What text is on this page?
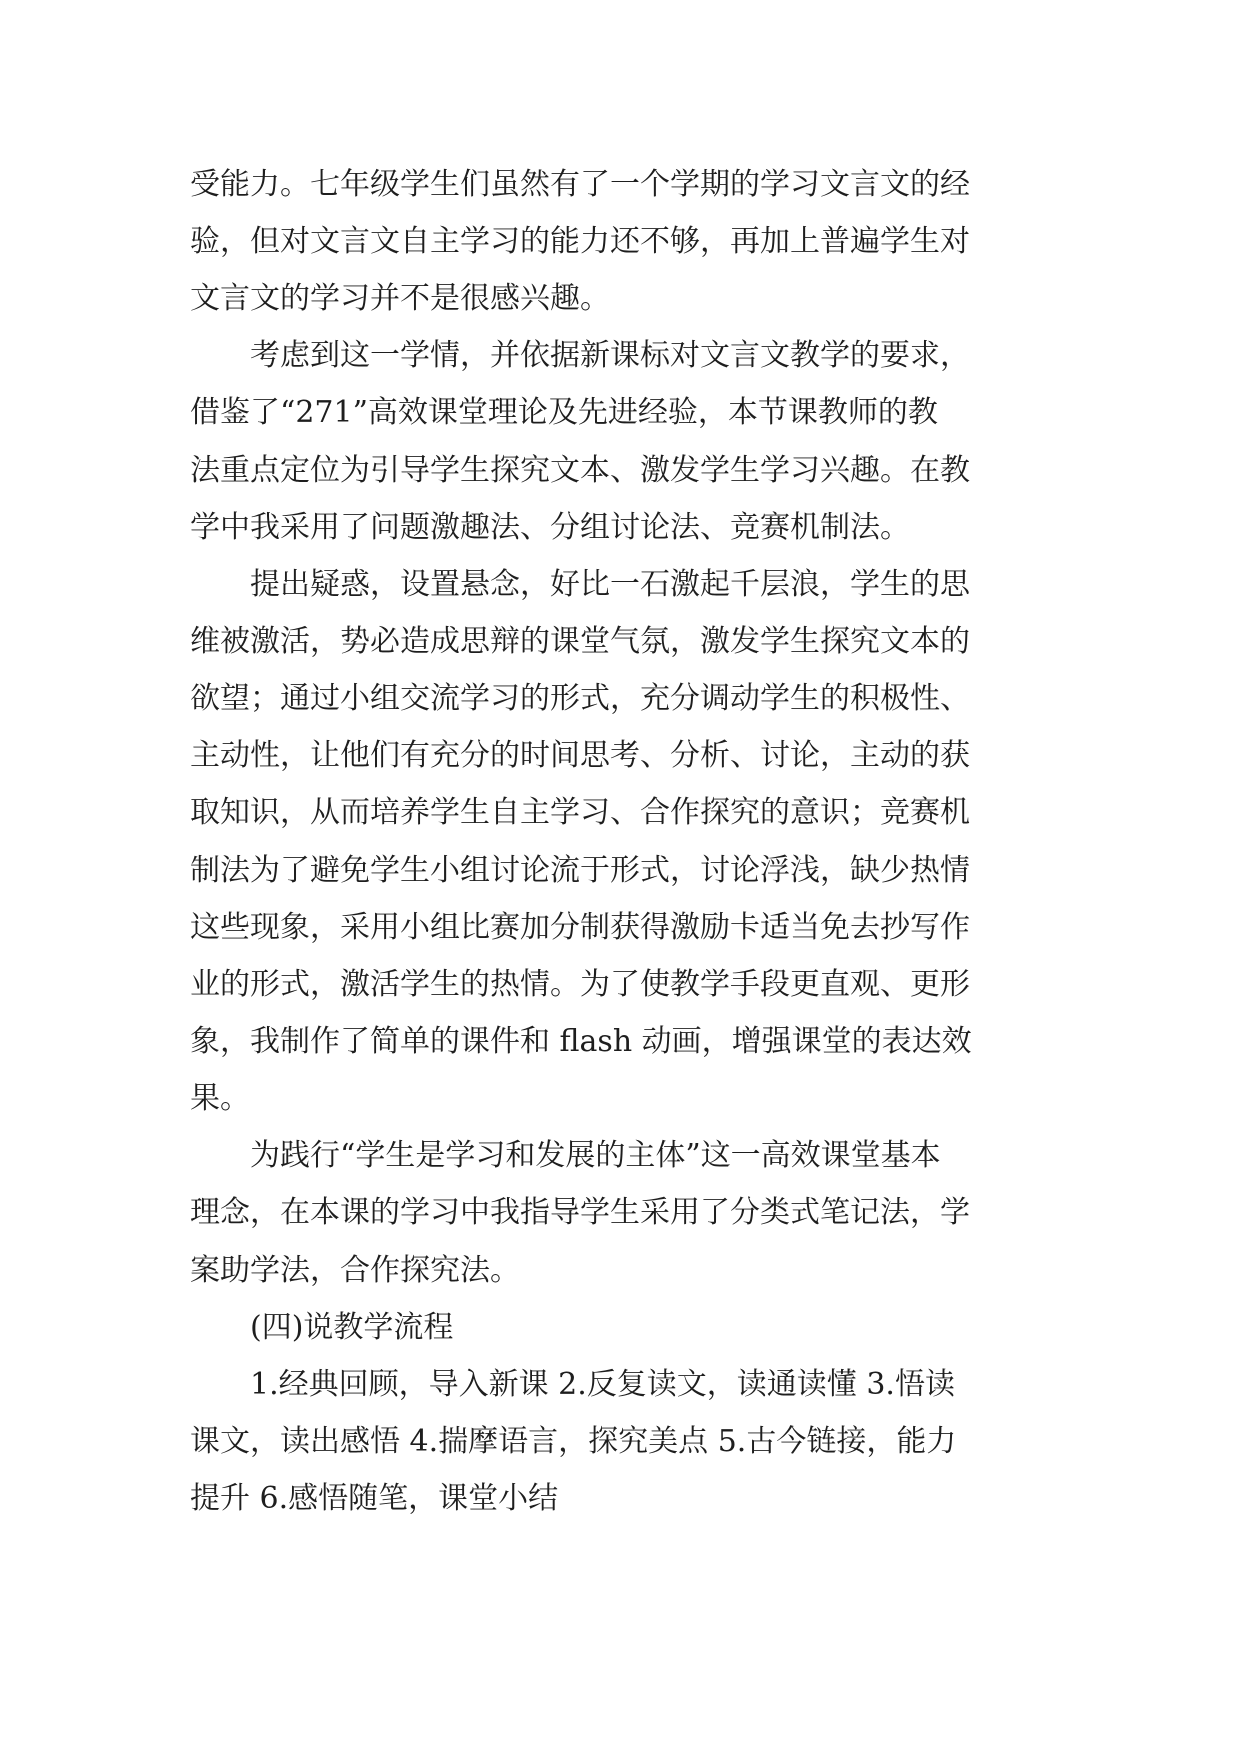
受能力。七年级学生们虽然有了一个学期的学习文言文的经
验，但对文言文自主学习的能力还不够，再加上普遍学生对
文言文的学习并不是很感兴趣。
考虑到这一学情，并依据新课标对文言文教学的要求，
借鉴了“271”高效课堂理论及先进经验，本节课教师的教
法重点定位为引导学生探究文本、激发学生学习兴趣。在教
学中我采用了问题激趣法、分组讨论法、竞赛机制法。
提出疑惑，设置悬念，好比一石激起千层浪，学生的思
维被激活，势必造成思辩的课堂气氛，激发学生探究文本的
欲望；通过小组交流学习的形式，充分调动学生的积极性、
主动性，让他们有充分的时间思考、分析、讨论，主动的获
取知识，从而培养学生自主学习、合作探究的意识；竞赛机
制法为了避免学生小组讨论流于形式，讨论浮浅，缺少热情
这些现象，采用小组比赛加分制获得激励卡适当免去抄写作
业的形式，激活学生的热情。为了使教学手段更直观、更形
象，我制作了简单的课件和 flash 动画，增强课堂的表达效
果。
为践行“学生是学习和发展的主体”这一高效课堂基本
理念，在本课的学习中我指导学生采用了分类式笔记法，学
案助学法，合作探究法。
(四)说教学流程
1.经典回顾，导入新课 2.反复读文，读通读懂 3.悟读
课文，读出感悟 4.揣摩语言，探究美点 5.古今链接，能力
提升 6.感悟随笔，课堂小结
